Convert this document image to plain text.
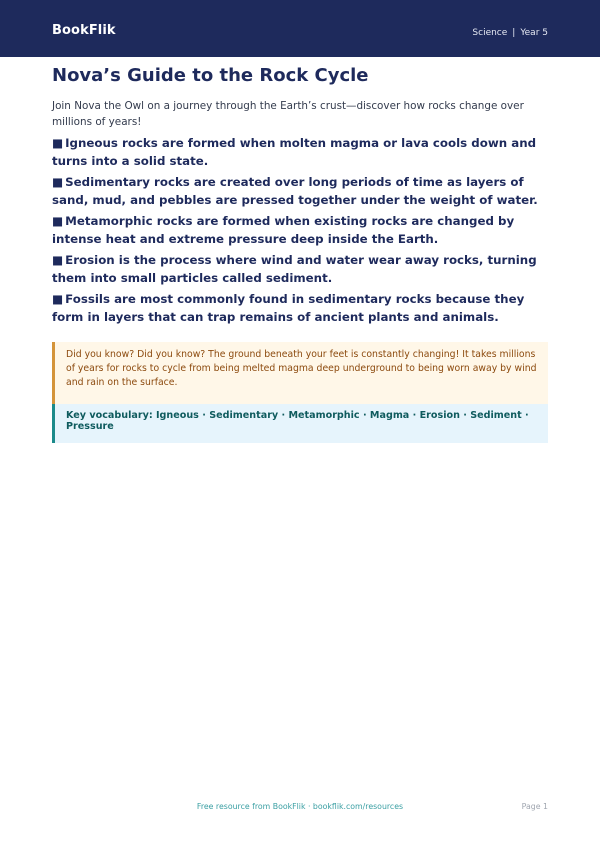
BookFlik	Science | Year 5
Nova’s Guide to the Rock Cycle

Join Nova the Owl on a journey through the Earth’s crust—discover how rocks change over millions of years!

■ Igneous rocks are formed when molten magma or lava cools down and turns into a solid state.
■ Sedimentary rocks are created over long periods of time as layers of sand, mud, and pebbles are pressed together under the weight of water.
■ Metamorphic rocks are formed when existing rocks are changed by intense heat and extreme pressure deep inside the Earth.
■ Erosion is the process where wind and water wear away rocks, turning them into small particles called sediment.
■ Fossils are most commonly found in sedimentary rocks because they form in layers that can trap remains of ancient plants and animals.

Did you know? Did you know? The ground beneath your feet is constantly changing! It takes millions of years for rocks to cycle from being melted magma deep underground to being worn away by wind and rain on the surface.

Key vocabulary: Igneous · Sedimentary · Metamorphic · Magma · Erosion · Sediment · Pressure

Free resource from BookFlik · bookflik.com/resources	Page 1
